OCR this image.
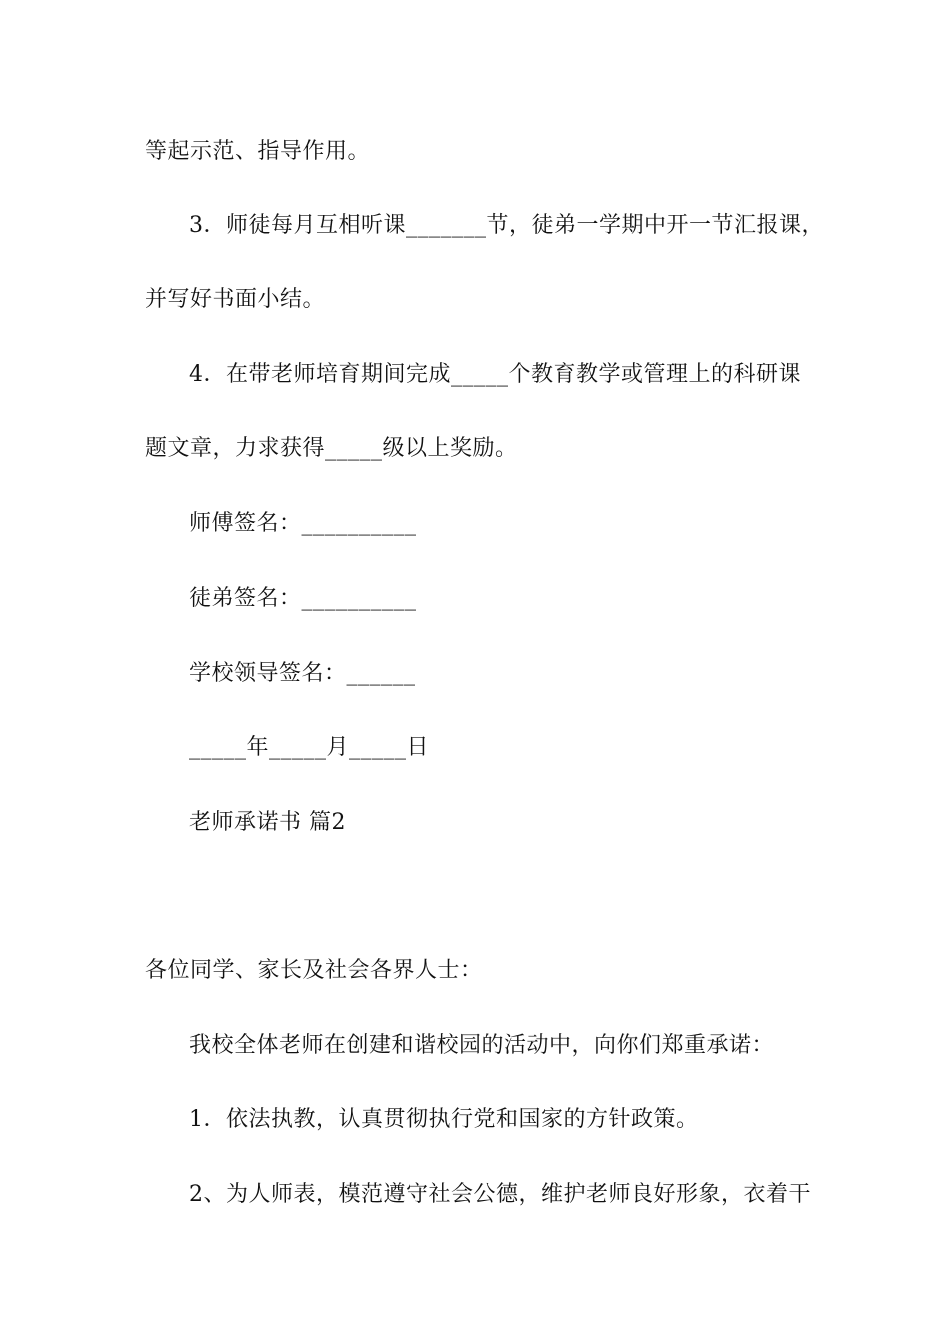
等起示范、指导作用。
3．师徒每月互相听课_______节，徒弟一学期中开一节汇报课，
并写好书面小结。
4．在带老师培育期间完成_____个教育教学或管理上的科研课
题文章，力求获得_____级以上奖励。
师傅签名：__________
徒弟签名：__________
学校领导签名：______
_____年_____月_____日
老师承诺书 篇2
各位同学、家长及社会各界人士：
我校全体老师在创建和谐校园的活动中，向你们郑重承诺：
1．依法执教，认真贯彻执行党和国家的方针政策。
2、为人师表，模范遵守社会公德，维护老师良好形象，衣着干
